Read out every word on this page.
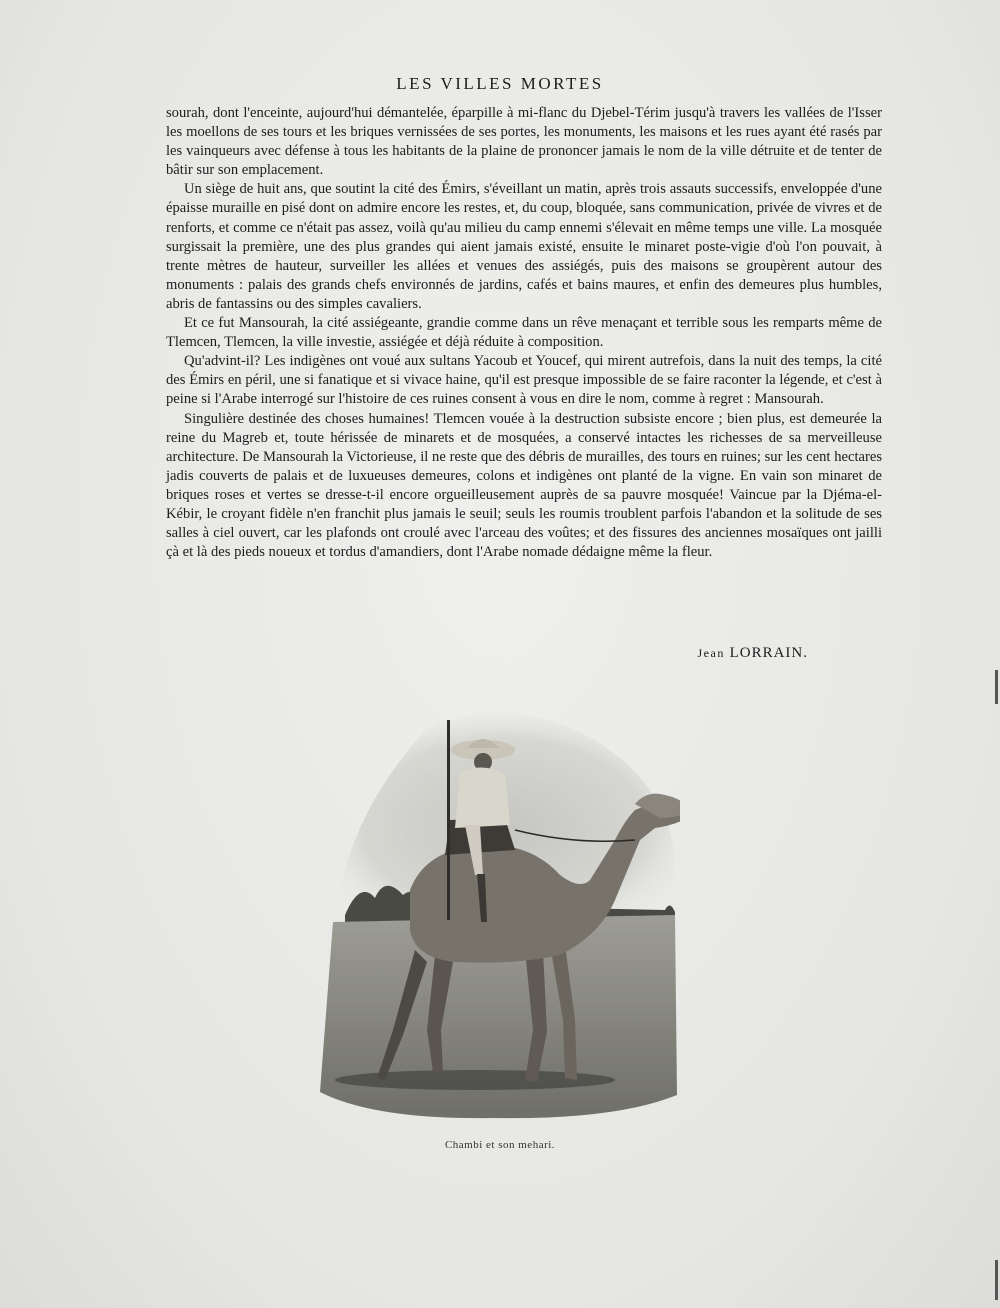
LES VILLES MORTES

sourah, dont l'enceinte, aujourd'hui démantelée, éparpille à mi-flanc du Djebel-Térim jusqu'à travers les vallées de l'Isser les moellons de ses tours et les briques vernissées de ses portes, les monuments, les maisons et les rues ayant été rasés par les vainqueurs avec défense à tous les habitants de la plaine de prononcer jamais le nom de la ville détruite et de tenter de bâtir sur son emplacement.

Un siège de huit ans, que soutint la cité des Émirs, s'éveillant un matin, après trois assauts successifs, enveloppée d'une épaisse muraille en pisé dont on admire encore les restes, et, du coup, bloquée, sans communication, privée de vivres et de renforts, et comme ce n'était pas assez, voilà qu'au milieu du camp ennemi s'élevait en même temps une ville. La mosquée surgissait la première, une des plus grandes qui aient jamais existé, ensuite le minaret poste-vigie d'où l'on pouvait, à trente mètres de hauteur, surveiller les allées et venues des assiégés, puis des maisons se groupèrent autour des monuments : palais des grands chefs environnés de jardins, cafés et bains maures, et enfin des demeures plus humbles, abris de fantassins ou des simples cavaliers.

Et ce fut Mansourah, la cité assiégeante, grandie comme dans un rêve menaçant et terrible sous les remparts même de Tlemcen, Tlemcen, la ville investie, assiégée et déjà réduite à composition.

Qu'advint-il? Les indigènes ont voué aux sultans Yacoub et Youcef, qui mirent autrefois, dans la nuit des temps, la cité des Émirs en péril, une si fanatique et si vivace haine, qu'il est presque impossible de se faire raconter la légende, et c'est à peine si l'Arabe interrogé sur l'histoire de ces ruines consent à vous en dire le nom, comme à regret : Mansourah.

Singulière destinée des choses humaines! Tlemcen vouée à la destruction subsiste encore ; bien plus, est demeurée la reine du Magreb et, toute hérissée de minarets et de mosquées, a conservé intactes les richesses de sa merveilleuse architecture. De Mansourah la Victorieuse, il ne reste que des débris de murailles, des tours en ruines; sur les cent hectares jadis couverts de palais et de luxueuses demeures, colons et indigènes ont planté de la vigne. En vain son minaret de briques roses et vertes se dresse-t-il encore orgueilleusement auprès de sa pauvre mosquée! Vaincue par la Djéma-el-Kébir, le croyant fidèle n'en franchit plus jamais le seuil; seuls les roumis troublent parfois l'abandon et la solitude de ses salles à ciel ouvert, car les plafonds ont croulé avec l'arceau des voûtes; et des fissures des anciennes mosaïques ont jailli çà et là des pieds noueux et tordus d'amandiers, dont l'Arabe nomade dédaigne même la fleur.

Jean LORRAIN.
Chambi et son mehari.
